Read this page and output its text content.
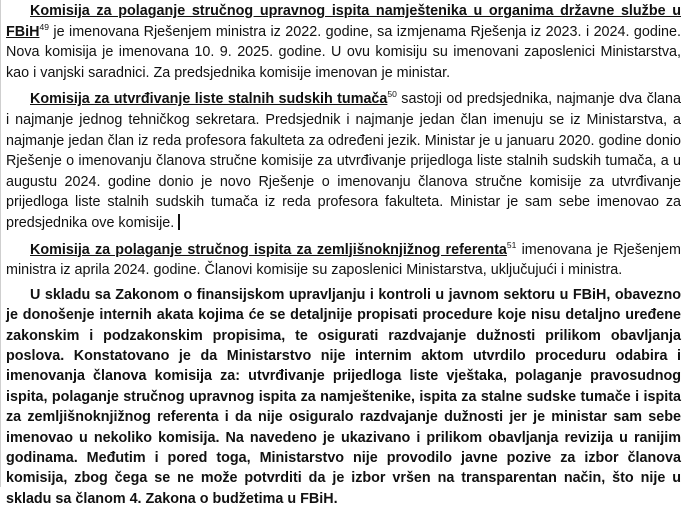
Komisija za polaganje stručnog upravnog ispita namještenika u organima državne službe u FBiH$^{49}$ je imenovana Rješenjem ministra iz 2022. godine, sa izmjenama Rješenja iz 2023. i 2024. godine. Nova komisija je imenovana 10. 9. 2025. godine. U ovu komisiju su imenovani zaposlenici Ministarstva, kao i vanjski saradnici. Za predsjednika komisije imenovan je ministar.

Komisija za utvrđivanje liste stalnih sudskih tumača$^{50}$ sastoji od predsjednika, najmanje dva člana i najmanje jednog tehničkog sekretara. Predsjednik i najmanje jedan član imenuju se iz Ministarstva, a najmanje jedan član iz reda profesora fakulteta za određeni jezik. Ministar je u januaru 2020. godine donio Rješenje o imenovanju članova stručne komisije za utvrđivanje prijedloga liste stalnih sudskih tumača, a u augustu 2024. godine donio je novo Rješenje o imenovanju članova stručne komisije za utvrđivanje prijedloga liste stalnih sudskih tumača iz reda profesora fakulteta. Ministar je sam sebe imenovao za predsjednika ove komisije.

Komisija za polaganje stručnog ispita za zemljišnoknjižnog referenta$^{51}$ imenovana je Rješenjem ministra iz aprila 2024. godine. Članovi komisije su zaposlenici Ministarstva, uključujući i ministra.

U skladu sa Zakonom o finansijskom upravljanju i kontroli u javnom sektoru u FBiH, obavezno je donošenje internih akata kojima će se detaljnije propisati procedure koje nisu detaljno uređene zakonskim i podzakonskim propisima, te osigurati razdvajanje dužnosti prilikom obavljanja poslova. Konstatovano je da Ministarstvo nije internim aktom utvrdilo proceduru odabira i imenovanja članova komisija za: utvrđivanje prijedloga liste vještaka, polaganje pravosudnog ispita, polaganje stručnog upravnog ispita za namještenike, ispita za stalne sudske tumače i ispita za zemljišnoknjižnog referenta i da nije osiguralo razdvajanje dužnosti jer je ministar sam sebe imenovao u nekoliko komisija. Na navedeno je ukazivano i prilikom obavljanja revizija u ranijim godinama. Međutim i pored toga, Ministarstvo nije provodilo javne pozive za izbor članova komisija, zbog čega se ne može potvrditi da je izbor vršen na transparentan način, što nije u skladu sa članom 4. Zakona o budžetima u FBiH.
